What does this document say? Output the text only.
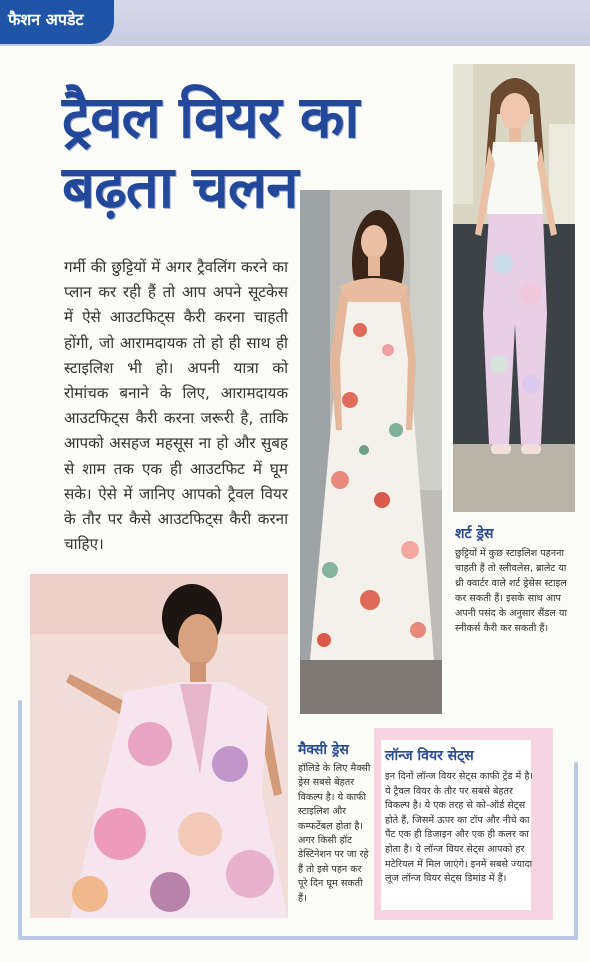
फैशन अपडेट
ट्रैवल वियर का
बढ़ता चलन
गर्मी की छुट्टियों में अगर ट्रैवलिंग करने का प्लान कर रही हैं तो आप अपने सूटकेस में ऐसे आउटफिट्स कैरी करना चाहती होंगी, जो आरामदायक तो हो ही साथ ही स्टाइलिश भी हो। अपनी यात्रा को रोमांचक बनाने के लिए, आरामदायक आउटफिट्स कैरी करना जरूरी है, ताकि आपको असहज महसूस ना हो और सुबह से शाम तक एक ही आउटफिट में घूम सके। ऐसे में जानिए आपको ट्रैवल वियर के तौर पर कैसे आउटफिट्स कैरी करना चाहिए।
शर्ट ड्रेस
छुट्टियों में कुछ स्टाइलिश पहनना चाहती हैं तो स्लीवलेस, ब्रालेट या थ्री क्वार्टर वाले शर्ट ड्रेसेस स्टाइल कर सकती हैं। इसके साथ आप अपनी पसंद के अनुसार सैंडल या स्नीकर्स कैरी कर सकती हैं।
मैक्सी ड्रेस
हॉलिडे के लिए मैक्सी ड्रेस सबसे बेहतर विकल्प है। ये काफी स्टाइलिश और कम्फर्टेबल होता है। अगर किसी हॉट डेस्टिनेशन पर जा रहे हैं तो इसे पहन कर पूरे दिन घूम सकती हैं।
लॉन्ज वियर सेट्स
इन दिनों लॉन्ज वियर सेट्स काफी ट्रेंड में है। ये ट्रैवल वियर के तौर पर सबसे बेहतर विकल्प है। ये एक तरह से को-ऑर्ड सेट्स होते हैं, जिसमें ऊपर का टॉप और नीचे का पैंट एक ही डिजाइन और एक ही कलर का होता है। ये लॉन्ज वियर सेट्स आपको हर मटेरियल में मिल जाएंगे। इनमें सबसे ज्यादा लूज लॉन्ज वियर सेट्स डिमांड में हैं।
